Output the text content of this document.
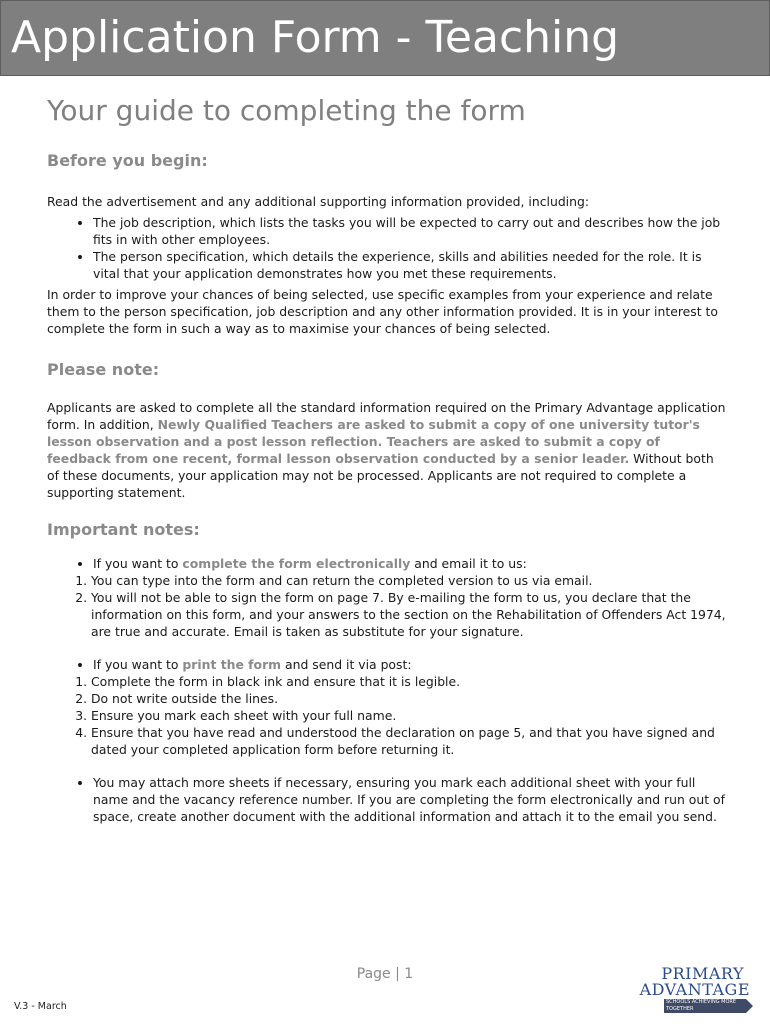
Application Form - Teaching
Your guide to completing the form
Before you begin:

Read the advertisement and any additional supporting information provided, including:

• The job description, which lists the tasks you will be expected to carry out and describes how the job fits in with other employees.
• The person specification, which details the experience, skills and abilities needed for the role. It is vital that your application demonstrates how you met these requirements.

In order to improve your chances of being selected, use specific examples from your experience and relate them to the person specification, job description and any other information provided. It is in your interest to complete the form in such a way as to maximise your chances of being selected.

Please note:

Applicants are asked to complete all the standard information required on the Primary Advantage application form. In addition, Newly Qualified Teachers are asked to submit a copy of one university tutor's lesson observation and a post lesson reflection. Teachers are asked to submit a copy of feedback from one recent, formal lesson observation conducted by a senior leader. Without both of these documents, your application may not be processed. Applicants are not required to complete a supporting statement.

Important notes:
• If you want to complete the form electronically and email it to us:
1. You can type into the form and can return the completed version to us via email.
2. You will not be able to sign the form on page 7. By e-mailing the form to us, you declare that the information on this form, and your answers to the section on the Rehabilitation of Offenders Act 1974, are true and accurate. Email is taken as substitute for your signature.
• If you want to print the form and send it via post:
1. Complete the form in black ink and ensure that it is legible.
2. Do not write outside the lines.
3. Ensure you mark each sheet with your full name.
4. Ensure that you have read and understood the declaration on page 5, and that you have signed and dated your completed application form before returning it.
• You may attach more sheets if necessary, ensuring you mark each additional sheet with your full name and the vacancy reference number. If you are completing the form electronically and run out of space, create another document with the additional information and attach it to the email you send.
Page | 1
V.3 - March
PRIMARY
ADVANTAGE
SCHOOLS ACHIEVING MORE TOGETHER
